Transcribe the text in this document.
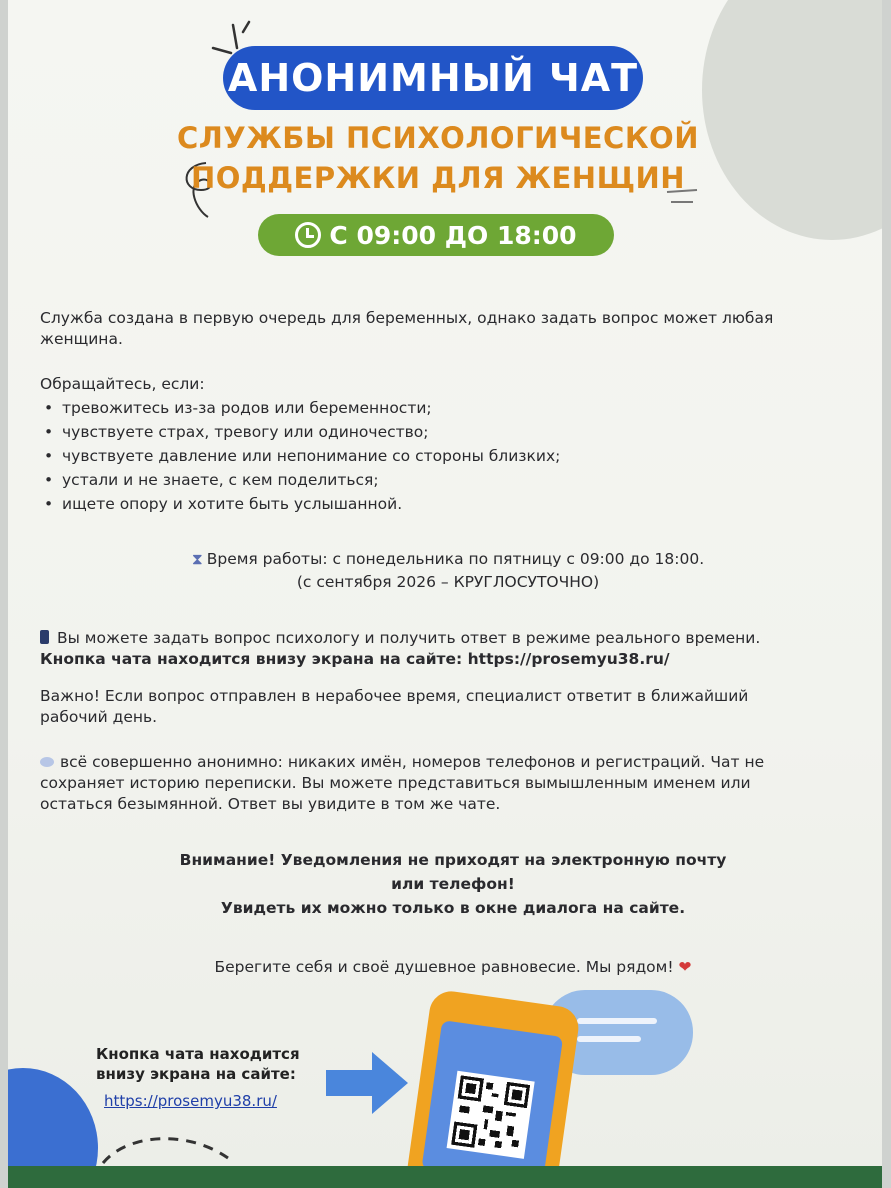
АНОНИМНЫЙ ЧАТ
СЛУЖБЫ ПСИХОЛОГИЧЕСКОЙ
ПОДДЕРЖКИ ДЛЯ ЖЕНЩИН
С 09:00 ДО 18:00
Служба создана в первую очередь для беременных, однако задать вопрос может любая женщина.
Обращайтесь, если:
• тревожитесь из-за родов или беременности;
• чувствуете страх, тревогу или одиночество;
• чувствуете давление или непонимание со стороны близких;
• устали и не знаете, с кем поделиться;
• ищете опору и хотите быть услышанной.
⧗ Время работы: с понедельника по пятницу с 09:00 до 18:00.
(с сентября 2026 – КРУГЛОСУТОЧНО)
Вы можете задать вопрос психологу и получить ответ в режиме реального времени.
Кнопка чата находится внизу экрана на сайте: https://prosemyu38.ru/
Важно! Если вопрос отправлен в нерабочее время, специалист ответит в ближайший рабочий день.
всё совершенно анонимно: никаких имён, номеров телефонов и регистраций. Чат не сохраняет историю переписки. Вы можете представиться вымышленным именем или остаться безымянной. Ответ вы увидите в том же чате.
Внимание! Уведомления не приходят на электронную почту
или телефон!
Увидеть их можно только в окне диалога на сайте.
Берегите себя и своё душевное равновесие. Мы рядом! ❤
Кнопка чата находится
внизу экрана на сайте:
https://prosemyu38.ru/
